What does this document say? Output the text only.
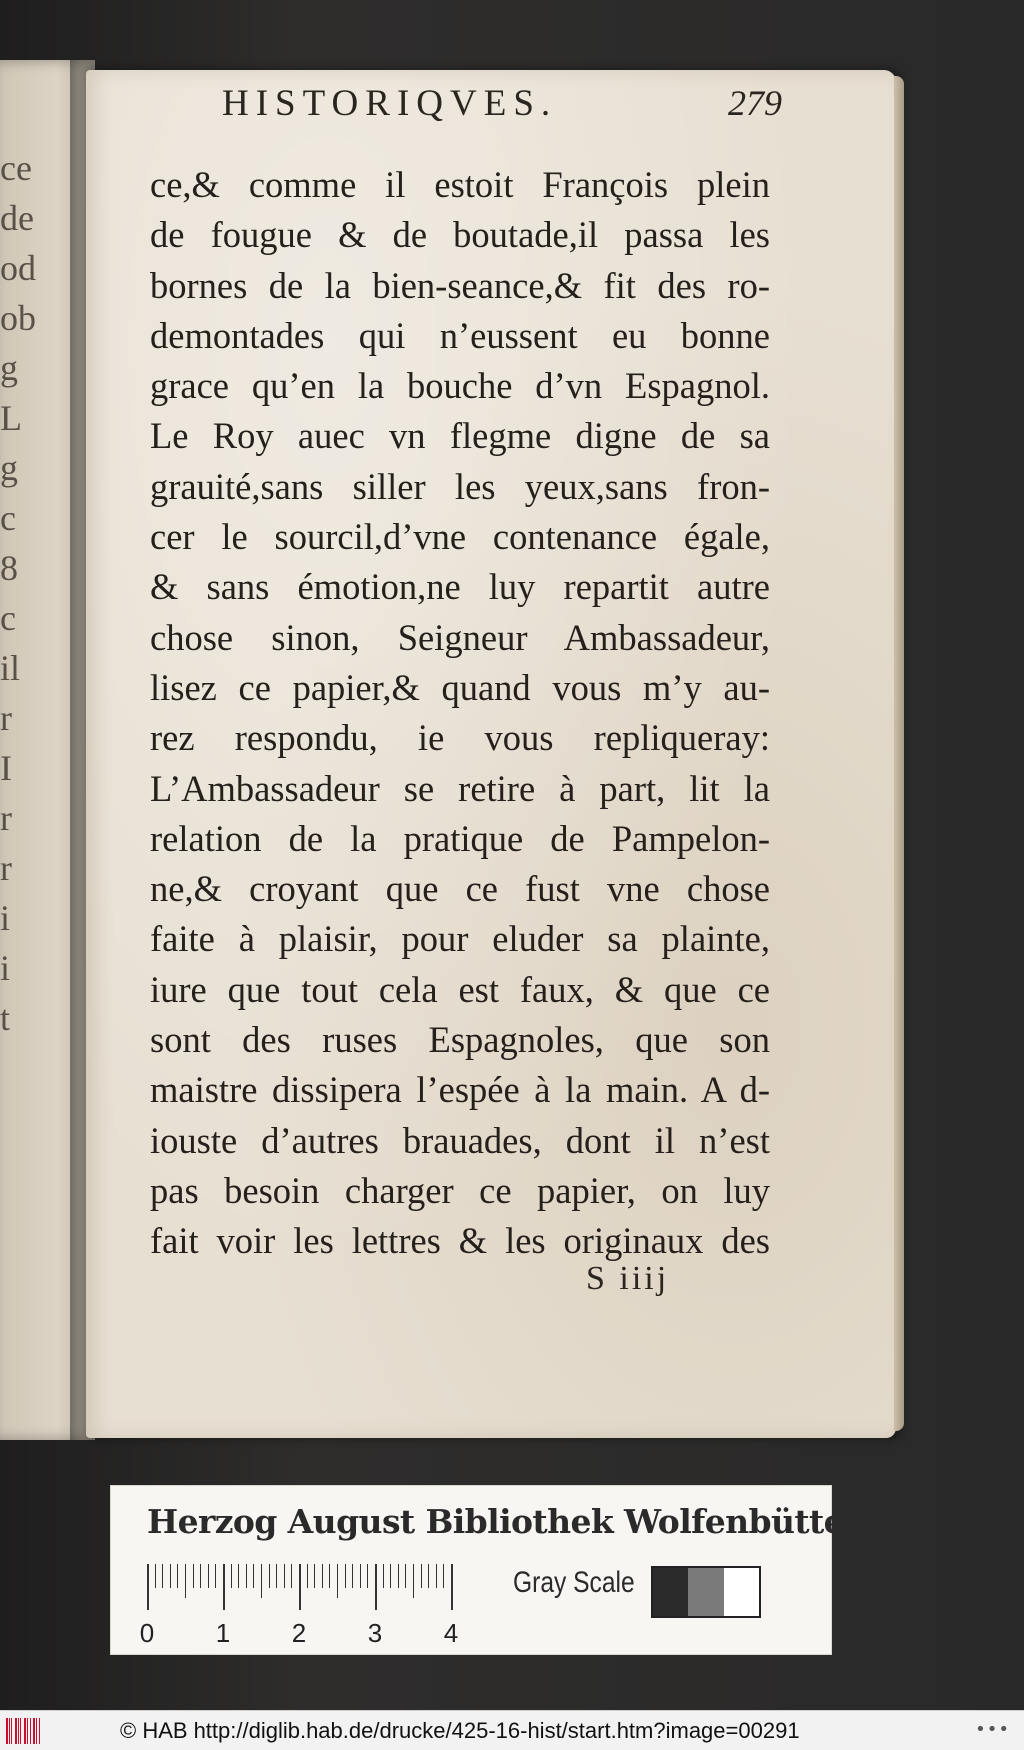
ce
de
od
ob
g
L
g
c
8
c
il
r
I
r
r
i
i
t
HISTORIQVES.	279
ce,& comme il estoit François plein
de fougue & de boutade,il passa les
bornes de la bien-seance,& fit des ro-
demontades qui n’eussent eu bonne
grace qu’en la bouche d’vn Espagnol.
Le Roy auec vn flegme digne de sa
grauité,sans siller les yeux,sans fron-
cer le sourcil,d’vne contenance égale,
& sans émotion,ne luy repartit autre
chose sinon, Seigneur Ambassadeur,
lisez ce papier,& quand vous m’y au-
rez respondu, ie vous repliqueray:
L’Ambassadeur se retire à part, lit la
relation de la pratique de Pampelon-
ne,& croyant que ce fust vne chose
faite à plaisir, pour eluder sa plainte,
iure que tout cela est faux, & que ce
sont des ruses Espagnoles, que son
maistre dissipera l’espée à la main. A d-
iouste d’autres brauades, dont il n’est
pas besoin charger ce papier, on luy
fait voir les lettres & les originaux des
S iiij
Herzog August Bibliothek Wolfenbüttel
0 1 2 3 4
Gray Scale
© HAB http://diglib.hab.de/drucke/425-16-hist/start.htm?image=00291	•••
